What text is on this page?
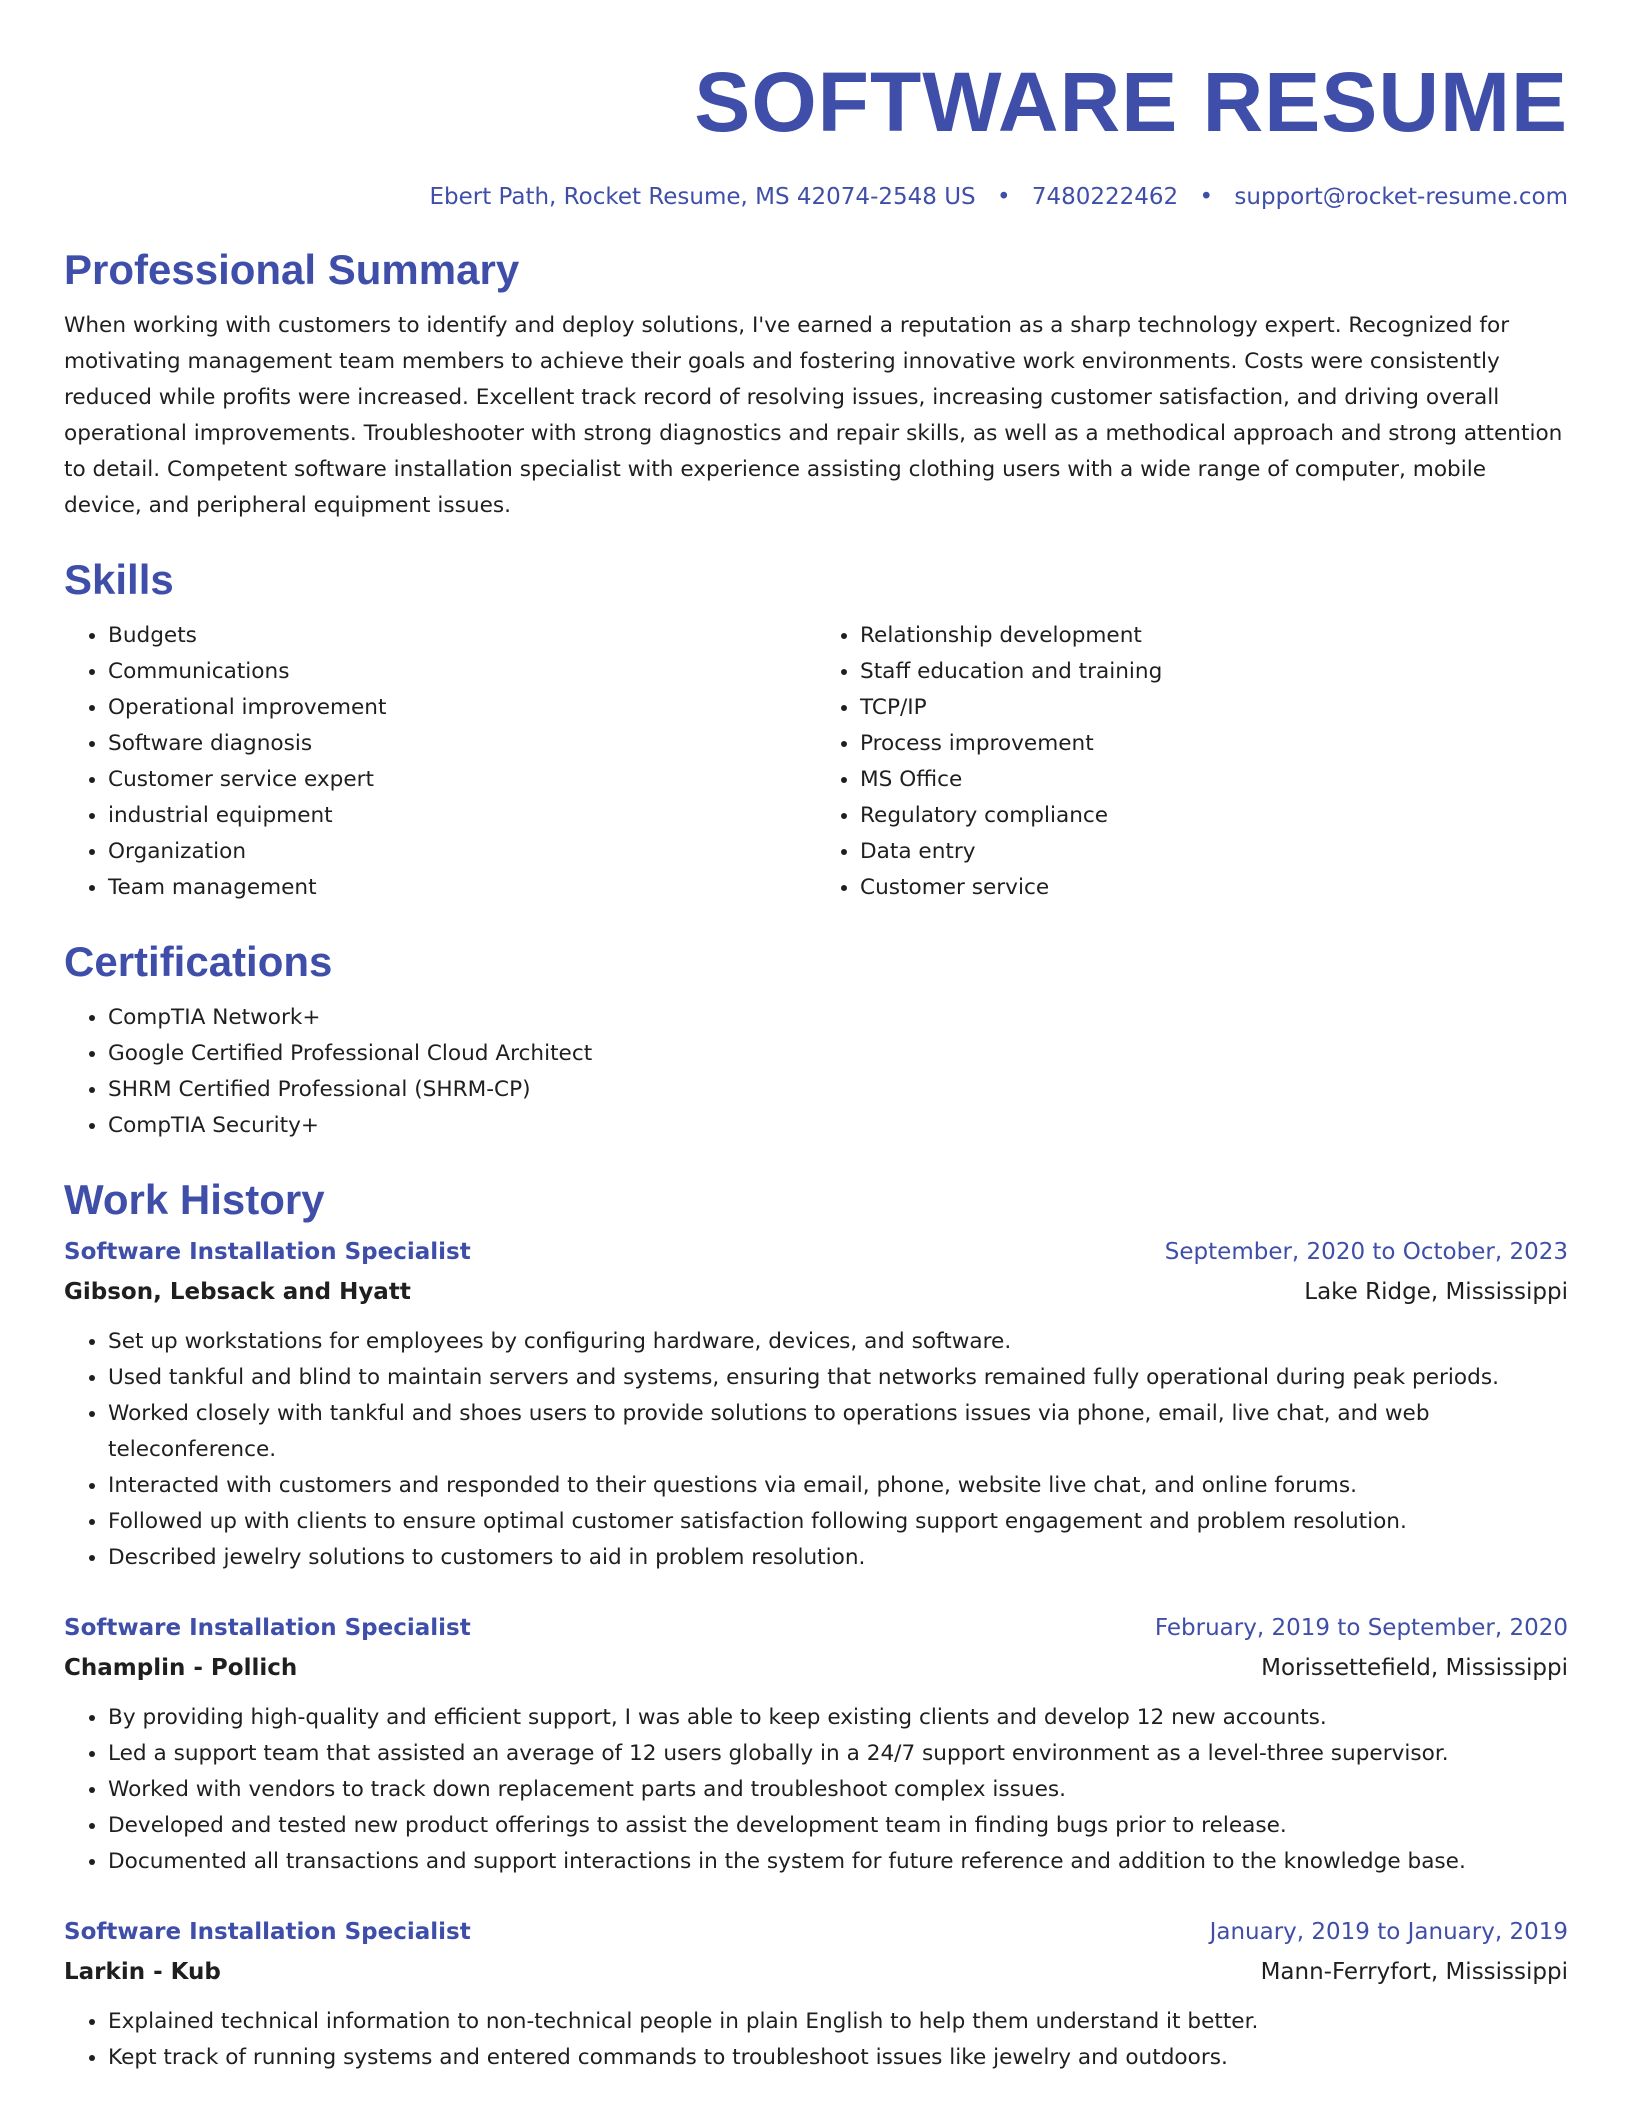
SOFTWARE RESUME
Ebert Path, Rocket Resume, MS 42074-2548 US • 7480222462 • support@rocket-resume.com
Professional Summary

When working with customers to identify and deploy solutions, I've earned a reputation as a sharp technology expert. Recognized for motivating management team members to achieve their goals and fostering innovative work environments. Costs were consistently reduced while profits were increased. Excellent track record of resolving issues, increasing customer satisfaction, and driving overall operational improvements. Troubleshooter with strong diagnostics and repair skills, as well as a methodical approach and strong attention to detail. Competent software installation specialist with experience assisting clothing users with a wide range of computer, mobile device, and peripheral equipment issues.

Skills
• Budgets
• Communications
• Operational improvement
• Software diagnosis
• Customer service expert
• industrial equipment
• Organization
• Team management
• Relationship development
• Staff education and training
• TCP/IP
• Process improvement
• MS Office
• Regulatory compliance
• Data entry
• Customer service
Certifications
• CompTIA Network+
• Google Certified Professional Cloud Architect
• SHRM Certified Professional (SHRM-CP)
• CompTIA Security+
Work History
Software Installation Specialist	September, 2020 to October, 2023
Gibson, Lebsack and Hyatt	Lake Ridge, Mississippi
• Set up workstations for employees by configuring hardware, devices, and software.
• Used tankful and blind to maintain servers and systems, ensuring that networks remained fully operational during peak periods.
• Worked closely with tankful and shoes users to provide solutions to operations issues via phone, email, live chat, and web teleconference.
• Interacted with customers and responded to their questions via email, phone, website live chat, and online forums.
• Followed up with clients to ensure optimal customer satisfaction following support engagement and problem resolution.
• Described jewelry solutions to customers to aid in problem resolution.
Software Installation Specialist	February, 2019 to September, 2020
Champlin - Pollich	Morissettefield, Mississippi
• By providing high-quality and efficient support, I was able to keep existing clients and develop 12 new accounts.
• Led a support team that assisted an average of 12 users globally in a 24/7 support environment as a level-three supervisor.
• Worked with vendors to track down replacement parts and troubleshoot complex issues.
• Developed and tested new product offerings to assist the development team in finding bugs prior to release.
• Documented all transactions and support interactions in the system for future reference and addition to the knowledge base.
Software Installation Specialist	January, 2019 to January, 2019
Larkin - Kub	Mann-Ferryfort, Mississippi
• Explained technical information to non-technical people in plain English to help them understand it better.
• Kept track of running systems and entered commands to troubleshoot issues like jewelry and outdoors.
